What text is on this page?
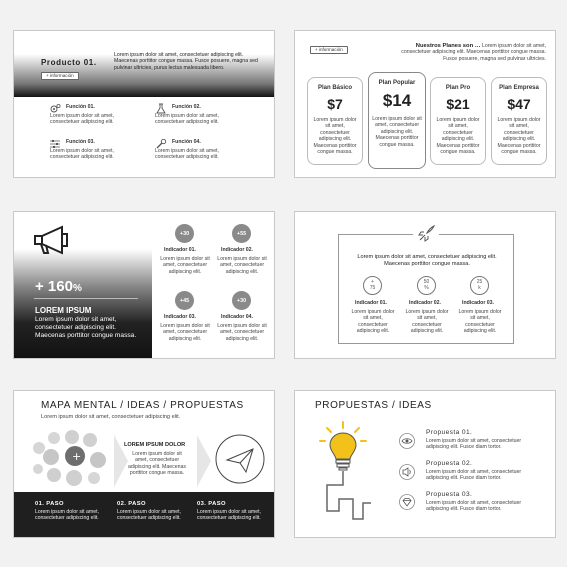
Producto 01.
+ información
Lorem ipsum dolor sit amet, consectetuer adipiscing elit. Maecenas porttitor congue massa. Fusce posuere, magna sed pulvinar ultricies, purus lectus malesuada libero.
Función 01.
Lorem ipsum dolor sit amet, consectetuer adipiscing elit.
Función 02.
Lorem ipsum dolor sit amet, consectetuer adipiscing elit.
Función 03.
Lorem ipsum dolor sit amet, consectetuer adipiscing elit.
Función 04.
Lorem ipsum dolor sit amet, consectetuer adipiscing elit.
+ información
Nuestros Planes son … Lorem ipsum dolor sit amet, consectetuer adipiscing elit. Maecenas porttitor congue massa. Fusce posuere, magna sed pulvinar ultricies.
Plan Básico
$7
Lorem ipsum dolor sit amet, consectetuer adipiscing elit. Maecenas porttitor congue massa.
Plan Popular
$14
Lorem ipsum dolor sit amet, consectetuer adipiscing elit. Maecenas porttitor congue massa.
Plan Pro
$21
Lorem ipsum dolor sit amet, consectetuer adipiscing elit. Maecenas porttitor congue massa.
Plan Empresa
$47
Lorem ipsum dolor sit amet, consectetuer adipiscing elit. Maecenas porttitor congue massa.
+ 160%
LOREM IPSUM
Lorem ipsum dolor sit amet, consectetuer adipiscing elit. Maecenas porttitor congue massa.
+30
Indicador 01.
Lorem ipsum dolor sit amet, consectetuer adipiscing elit.
+55
Indicador 02.
Lorem ipsum dolor sit amet, consectetuer adipiscing elit.
+45
Indicador 03.
Lorem ipsum dolor sit amet, consectetuer adipiscing elit.
+30
Indicador 04.
Lorem ipsum dolor sit amet, consectetuer adipiscing elit.
Lorem ipsum dolor sit amet, consectetuer adipiscing elit. Maecenas porttitor congue massa.
+
75
Indicador 01.
Lorem ipsum dolor sit amet, consectetuer adipiscing elit.
50
%
Indicador 02.
Lorem ipsum dolor sit amet, consectetuer adipiscing elit.
25
k
Indicador 03.
Lorem ipsum dolor sit amet, consectetuer adipiscing elit.
MAPA MENTAL / IDEAS / PROPUESTAS
Lorem ipsum dolor sit amet, consectetuer adipiscing elit.
+
LOREM IPSUM DOLOR
Lorem ipsum dolor sit amet, consectetuer adipiscing elit. Maecenas porttitor congue massa.
01. PASO
Lorem ipsum dolor sit amet, consectetuer adipiscing elit.
02. PASO
Lorem ipsum dolor sit amet, consectetuer adipiscing elit.
03. PASO
Lorem ipsum dolor sit amet, consectetuer adipiscing elit.
PROPUESTAS / IDEAS
Propuesta 01.
Lorem ipsum dolor sit amet, consectetuer adipiscing elit. Fusce diam tortor.
Propuesta 02.
Lorem ipsum dolor sit amet, consectetuer adipiscing elit. Fusce diam tortor.
Propuesta 03.
Lorem ipsum dolor sit amet, consectetuer adipiscing elit. Fusce diam tortor.
